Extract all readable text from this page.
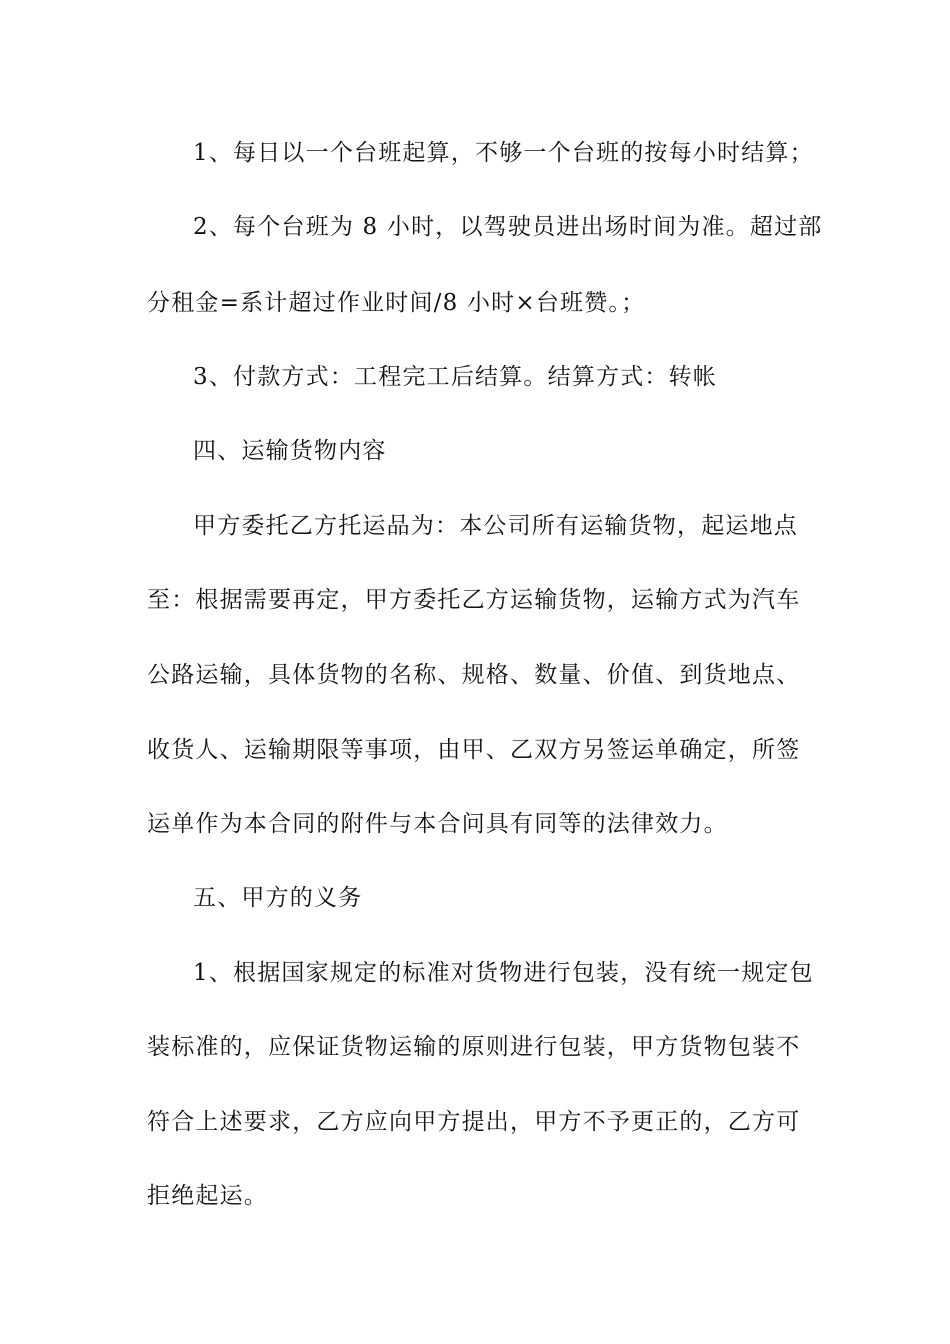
1、每日以一个台班起算，不够一个台班的按每小时结算；
2、每个台班为 8 小时，以驾驶员进出场时间为准。超过部
分租金=系计超过作业时间/8 小时×台班赞。；
3、付款方式：工程完工后结算。结算方式：转帐
四、运输货物内容
甲方委托乙方托运品为：本公司所有运输货物，起运地点
至：根据需要再定，甲方委托乙方运输货物，运输方式为汽车
公路运输，具体货物的名称、规格、数量、价值、到货地点、
收货人、运输期限等事项，由甲、乙双方另签运单确定，所签
运单作为本合同的附件与本合问具有同等的法律效力。
五、甲方的义务
1、根据国家规定的标准对货物进行包装，没有统一规定包
装标准的，应保证货物运输的原则进行包装，甲方货物包装不
符合上述要求，乙方应向甲方提出，甲方不予更正的，乙方可
拒绝起运。
